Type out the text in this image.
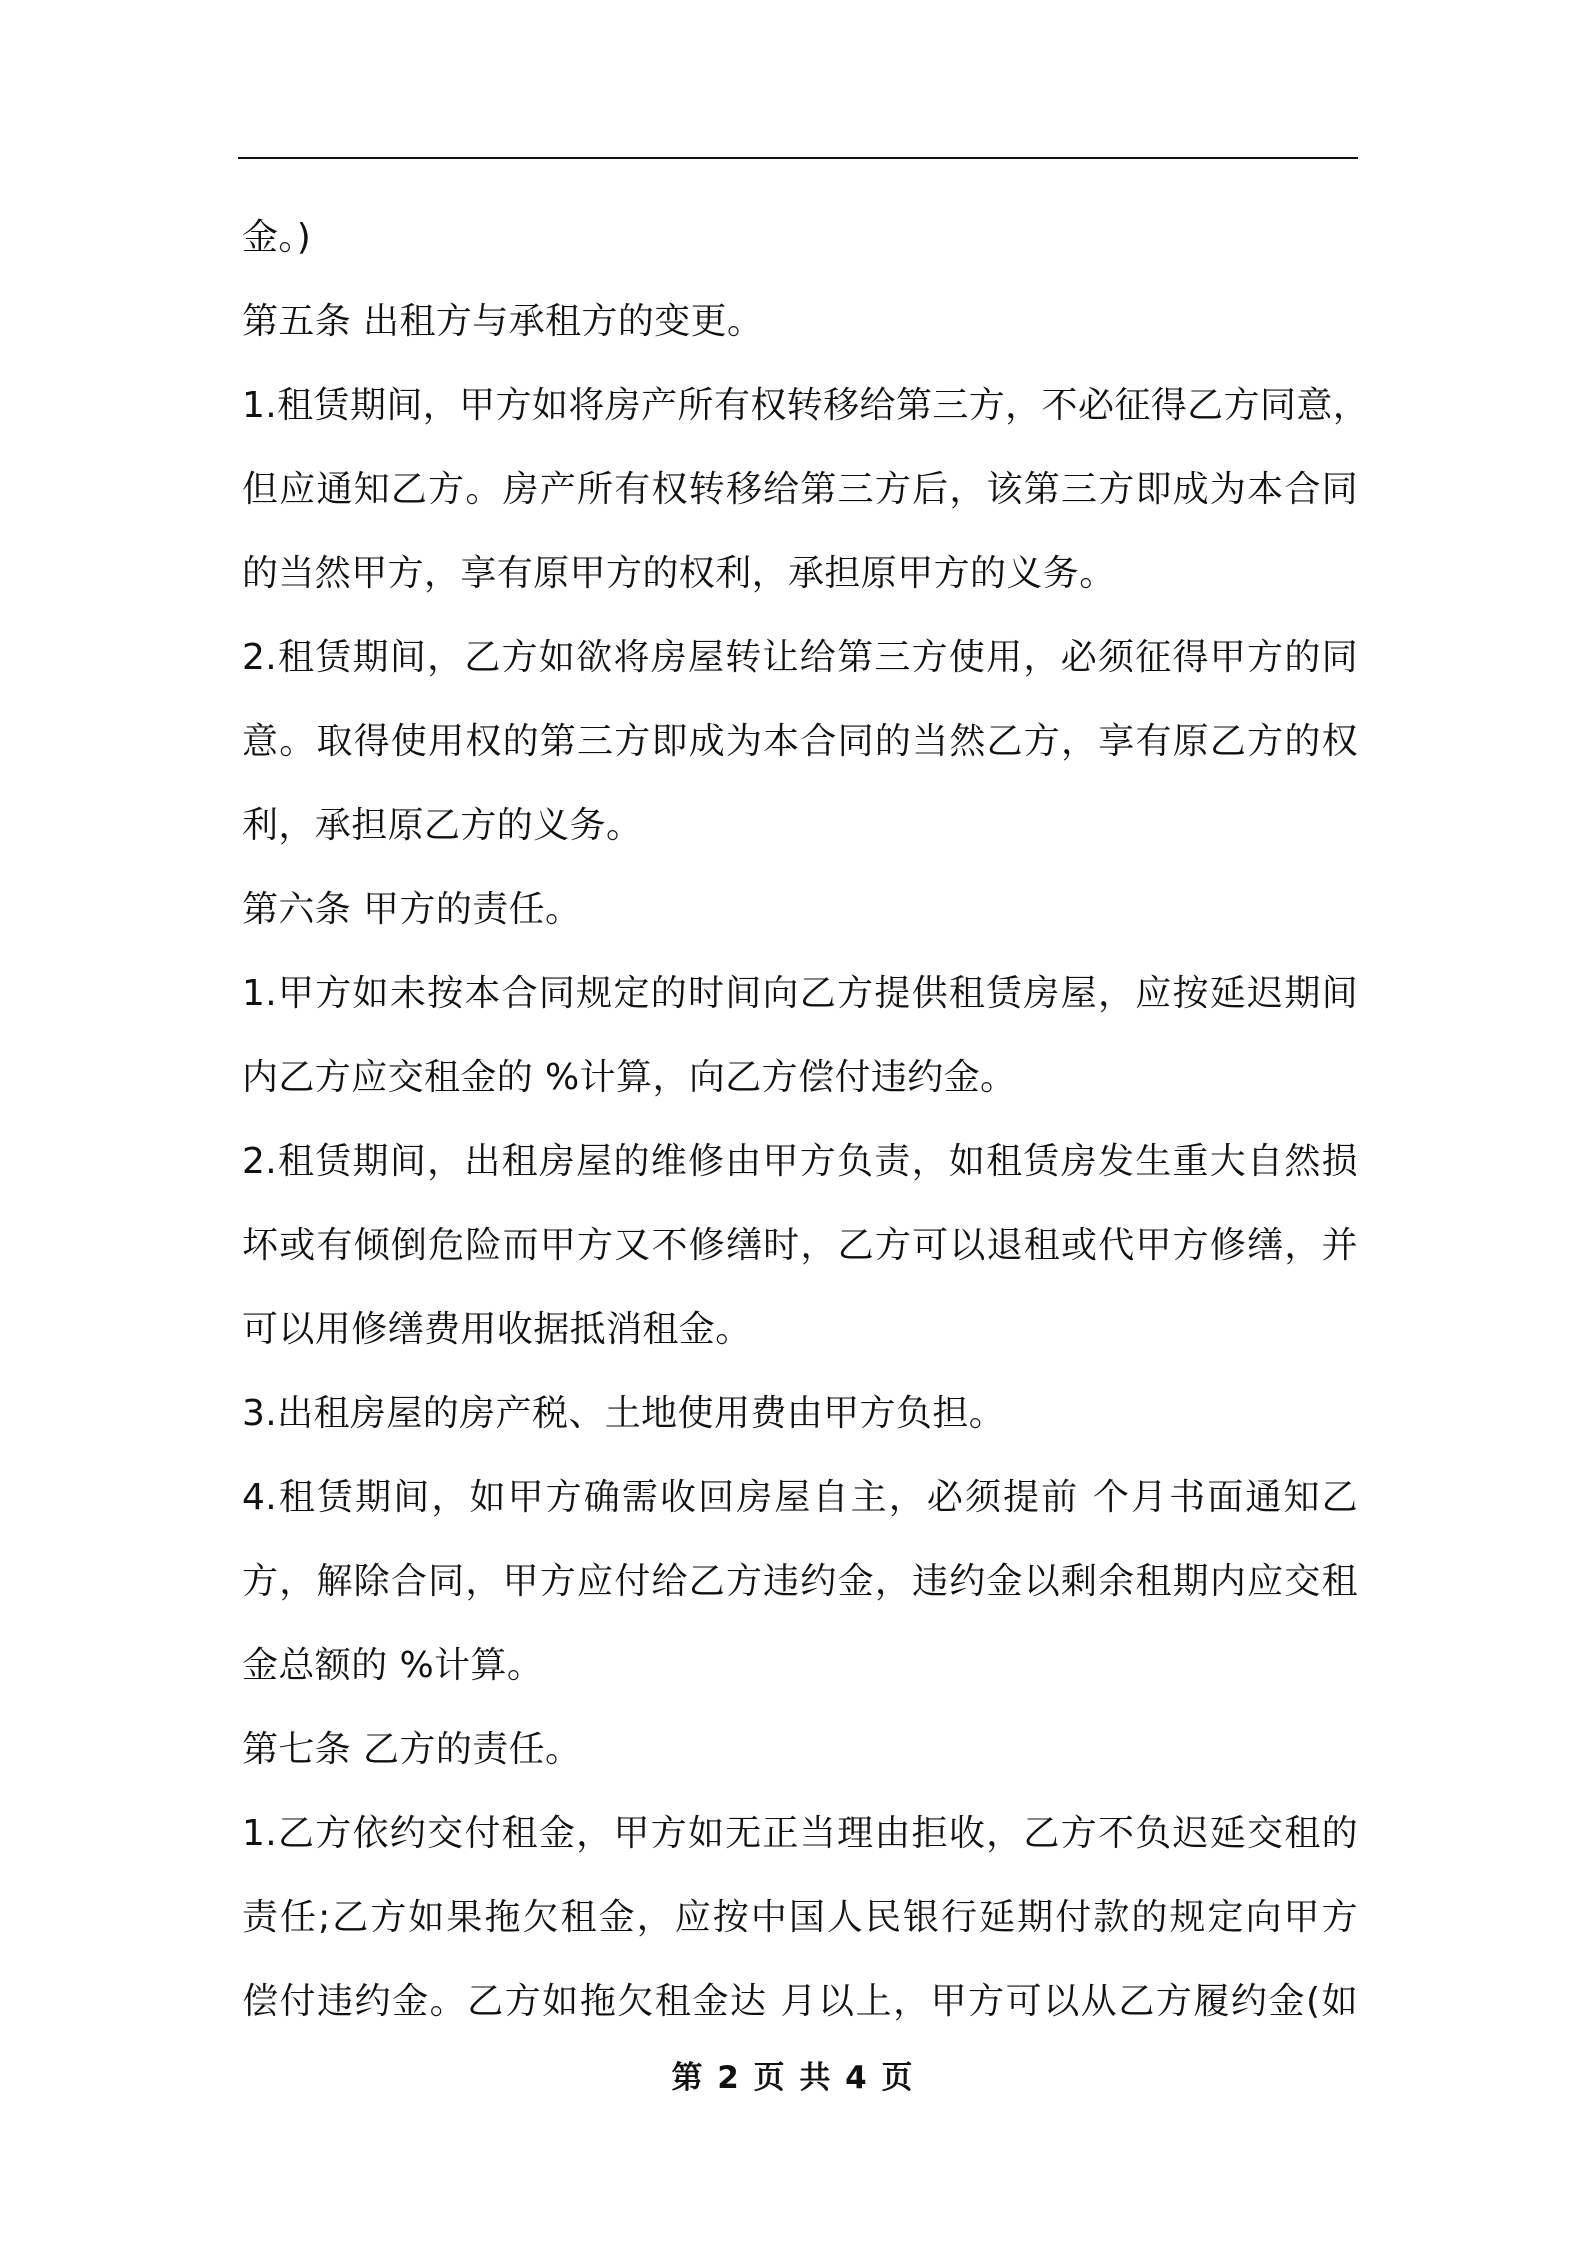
金。)
第五条 出租方与承租方的变更。
1.租赁期间，甲方如将房产所有权转移给第三方，不必征得乙方同意，
但应通知乙方。房产所有权转移给第三方后，该第三方即成为本合同
的当然甲方，享有原甲方的权利，承担原甲方的义务。
2.租赁期间，乙方如欲将房屋转让给第三方使用，必须征得甲方的同
意。取得使用权的第三方即成为本合同的当然乙方，享有原乙方的权
利，承担原乙方的义务。
第六条 甲方的责任。
1.甲方如未按本合同规定的时间向乙方提供租赁房屋，应按延迟期间
内乙方应交租金的 %计算，向乙方偿付违约金。
2.租赁期间，出租房屋的维修由甲方负责，如租赁房发生重大自然损
坏或有倾倒危险而甲方又不修缮时，乙方可以退租或代甲方修缮，并
可以用修缮费用收据抵消租金。
3.出租房屋的房产税、土地使用费由甲方负担。
4.租赁期间，如甲方确需收回房屋自主，必须提前 个月书面通知乙
方，解除合同，甲方应付给乙方违约金，违约金以剩余租期内应交租
金总额的 %计算。
第七条 乙方的责任。
1.乙方依约交付租金，甲方如无正当理由拒收，乙方不负迟延交租的
责任;乙方如果拖欠租金，应按中国人民银行延期付款的规定向甲方
偿付违约金。乙方如拖欠租金达 月以上，甲方可以从乙方履约金(如
第 2 页 共 4 页
